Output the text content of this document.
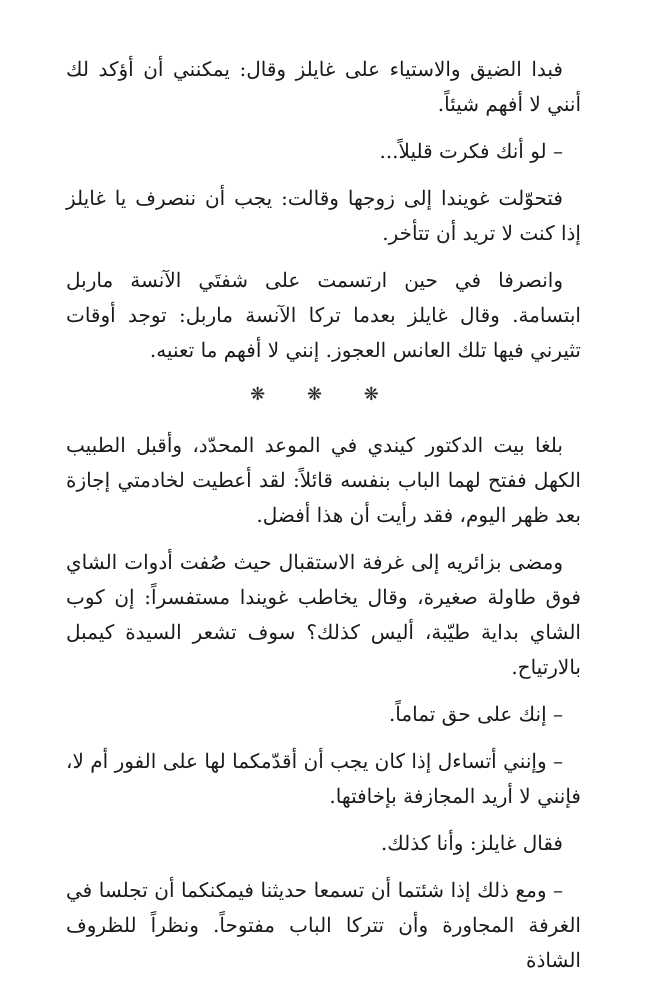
فبدا الضيق والاستياء على غايلز وقال: يمكنني أن أؤكد لك أنني لا أفهم شيئاً.

– لو أنك فكرت قليلاً...

فتحوّلت غويندا إلى زوجها وقالت: يجب أن ننصرف يا غايلز إذا كنت لا تريد أن تتأخر.

وانصرفا في حين ارتسمت على شفتَي الآنسة ماربل ابتسامة. وقال غايلز بعدما تركا الآنسة ماربل: توجد أوقات تثيرني فيها تلك العانس العجوز. إنني لا أفهم ما تعنيه.

❋ ❋ ❋

بلغا بيت الدكتور كيندي في الموعد المحدّد، وأقبل الطبيب الكهل ففتح لهما الباب بنفسه قائلاً: لقد أعطيت لخادمتي إجازة بعد ظهر اليوم، فقد رأيت أن هذا أفضل.

ومضى بزائريه إلى غرفة الاستقبال حيث صُفت أدوات الشاي فوق طاولة صغيرة، وقال يخاطب غويندا مستفسراً: إن كوب الشاي بداية طيّبة، أليس كذلك؟ سوف تشعر السيدة كيمبل بالارتياح.

– إنك على حق تماماً.

– وإنني أتساءل إذا كان يجب أن أقدّمكما لها على الفور أم لا، فإنني لا أريد المجازفة بإخافتها.

فقال غايلز: وأنا كذلك.

– ومع ذلك إذا شئتما أن تسمعا حديثنا فيمكنكما أن تجلسا في الغرفة المجاورة وأن تتركا الباب مفتوحاً. ونظراً للظروف الشاذة
